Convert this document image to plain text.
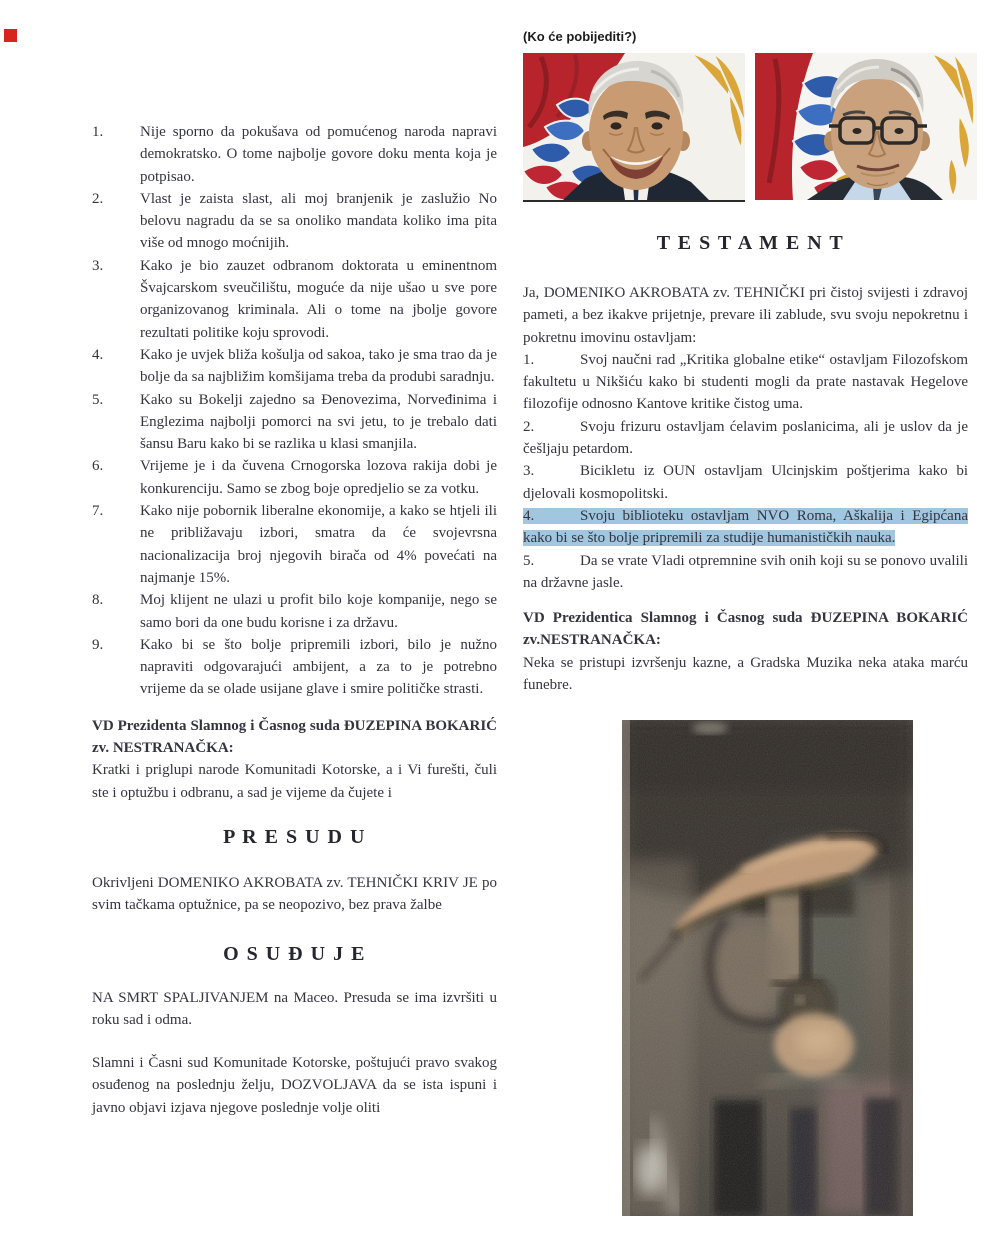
1.	Nije sporno da pokušava od pomućenog naroda napravi demokratsko. O tome najbolje govore doku menta koja je potpisao.
2.	Vlast je zaista slast, ali moj branjenik je zaslužio No belovu nagradu da se sa onoliko mandata koliko ima pita više od mnogo moćnijih.
3.	Kako je bio zauzet odbranom doktorata u eminentnom Švajcarskom sveučilištu, moguće da nije ušao u sve pore organizovanog kriminala. Ali o tome na jbolje govore rezultati politike koju sprovodi.
4.	Kako je uvjek bliža košulja od sakoa, tako je sma trao da je bolje da sa najbližim komšijama treba da produbi saradnju.
5.	Kako su Bokelji zajedno sa Đenovezima, Norveđinima i Englezima najbolji pomorci na svi jetu, to je trebalo dati šansu Baru kako bi se razlika u klasi smanjila.
6.	Vrijeme je i da čuvena Crnogorska lozova rakija dobi je konkurenciju. Samo se zbog boje opredjelio se za votku.
7.	Kako nije pobornik liberalne ekonomije, a kako se htjeli ili ne približavaju izbori, smatra da će svojevrsna nacionalizacija broj njegovih birača od 4% povećati na najmanje 15%.
8.	Moj klijent ne ulazi u profit bilo koje kompanije, nego se samo bori da one budu korisne i za državu.
9.	Kako bi se što bolje pripremili izbori, bilo je nužno napraviti odgovarajući ambijent, a za to je potrebno vrijeme da se olade usijane glave i smire političke strasti.

VD Prezidenta Slamnog i Časnog suda ĐUZEPINA BOKARIĆ zv. NESTRANAČKA:

Kratki i priglupi narode Komunitadi Kotorske, a i Vi furešti, čuli ste i optužbu i odbranu, a sad je vijeme da čujete i

P R E S U D U

Okrivljeni DOMENIKO AKROBATA zv. TEHNIČKI KRIV JE po svim tačkama optužnice, pa se neopozivo, bez prava žalbe

O S U Đ U J E

NA SMRT SPALJIVANJEM na Maceo. Presuda se ima izvršiti u roku sad i odma.

Slamni i Časni sud Komunitade Kotorske, poštujući pravo svakog osuđenog na poslednju želju, DOZVOLJAVA da se ista ispuni i javno objavi izjava njegove poslednje volje oliti

(Ko će pobijediti?)

T E S T A M E N T

Ja, DOMENIKO AKROBATA zv. TEHNIČKI pri čistoj svijesti i zdravoj pameti, a bez ikakve prijetnje, prevare ili zablude, svu svoju nepokretnu i pokretnu imovinu ostavljam:

1.	Svoj naučni rad „Kritika globalne etike“ ostavljam Filozofskom fakultetu u Nikšiću kako bi studenti mogli da prate nastavak Hegelove filozofije odnosno Kantove kritike čistog uma.

2.	Svoju frizuru ostavljam ćelavim poslanicima, ali je uslov da je češljaju petardom.

3.	Bicikletu iz OUN ostavljam Ulcinjskim poštjerima kako bi djelovali kosmopolitski.

4.	Svoju biblioteku ostavljam NVO Roma, Aškalija i Egipćana kako bi se što bolje pripremili za studije humanističkih nauka.

5.	Da se vrate Vladi otpremnine svih onih koji su se ponovo uvalili na državne jasle.

VD Prezidentica Slamnog i Časnog suda ĐUZEPINA BOKARIĆ zv.NESTRANAČKA:

Neka se pristupi izvršenju kazne, a Gradska Muzika neka ataka marću funebre.
